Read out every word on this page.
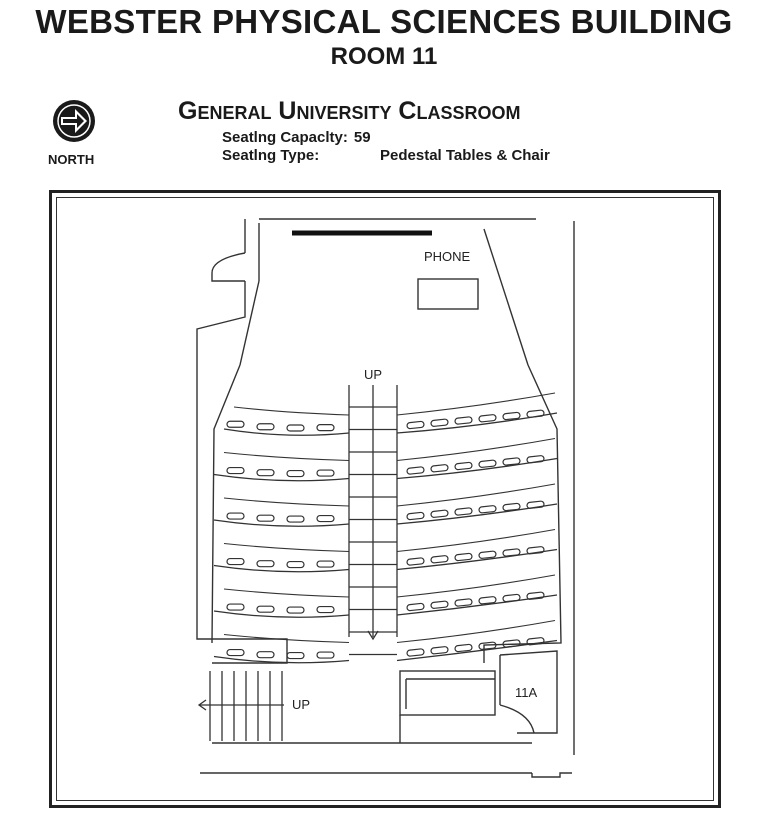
WEBSTER PHYSICAL SCIENCES BUILDING
ROOM 11
NORTH
General University Classroom
Seatlng Capaclty: 59
Seatlng Type:	Pedestal Tables & Chair
PHONE
UP
UP
11A
